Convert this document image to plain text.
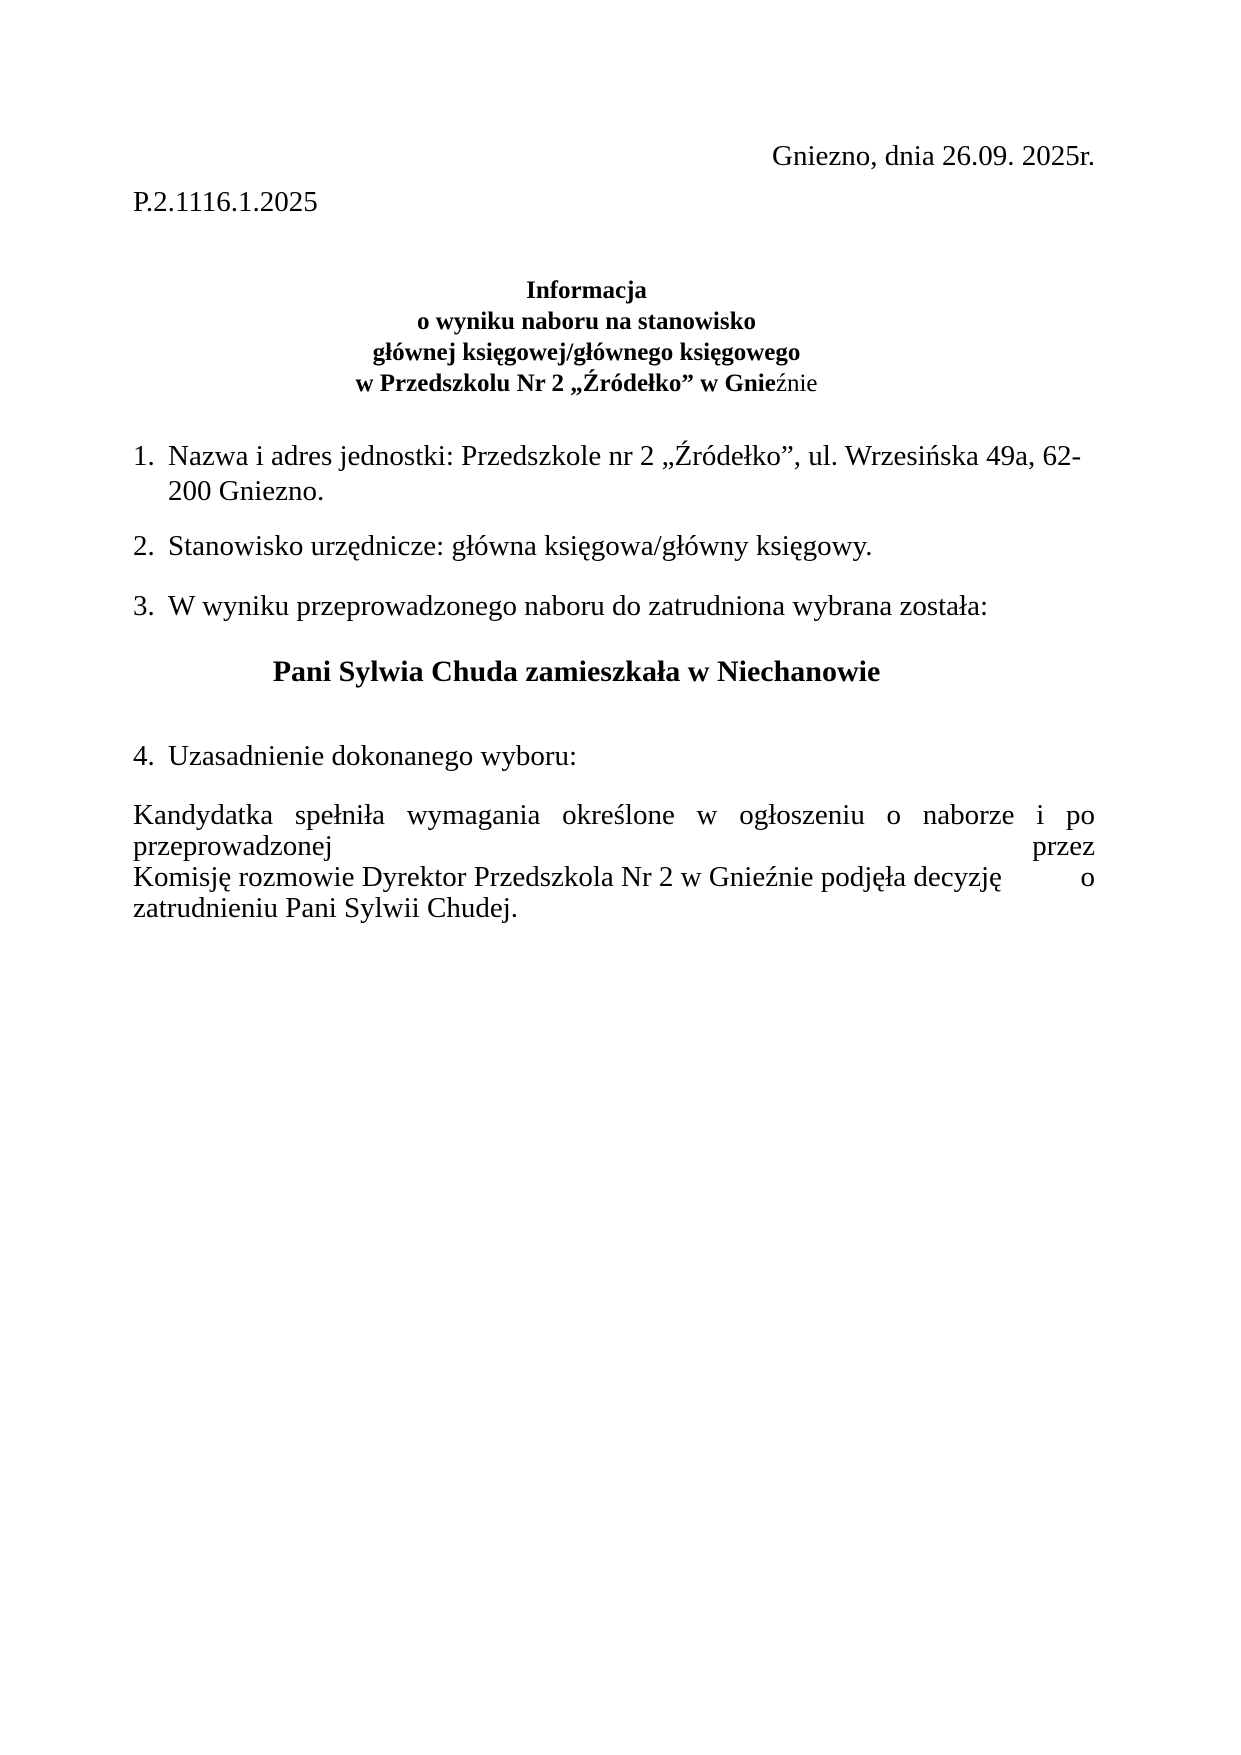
Gniezno, dnia 26.09. 2025r.
P.2.1116.1.2025
Informacja
o wyniku naboru na stanowisko
głównej księgowej/głównego księgowego
w Przedszkolu Nr 2 „Źródełko” w Gnieźnie
1. Nazwa i adres jednostki: Przedszkole nr 2 „Źródełko”, ul. Wrzesińska 49a, 62-200 Gniezno.
2. Stanowisko urzędnicze: główna księgowa/główny księgowy.
3. W wyniku przeprowadzonego naboru do zatrudniona wybrana została:
Pani Sylwia Chuda zamieszkała w Niechanowie
4. Uzasadnienie dokonanego wyboru:
Kandydatka spełniła wymagania określone w ogłoszeniu o naborze i po przeprowadzonej przez
Komisję rozmowie Dyrektor Przedszkola Nr 2 w Gnieźnie podjęła decyzję	o
zatrudnieniu Pani Sylwii Chudej.
